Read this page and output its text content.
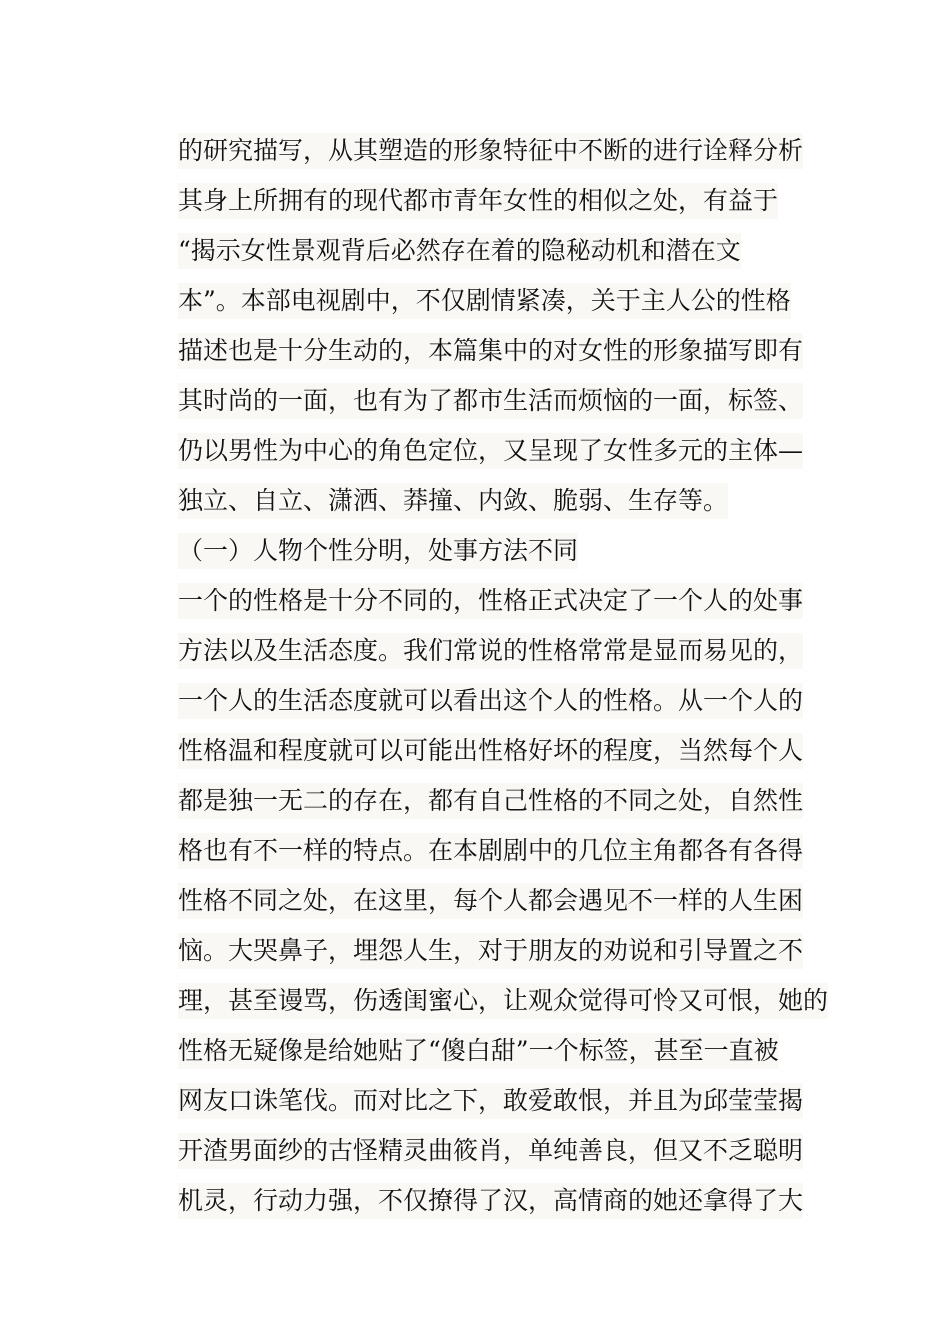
的研究描写，从其塑造的形象特征中不断的进行诠释分析
其身上所拥有的现代都市青年女性的相似之处，有益于
“揭示女性景观背后必然存在着的隐秘动机和潜在文
本”。本部电视剧中，不仅剧情紧凑，关于主人公的性格
描述也是十分生动的，本篇集中的对女性的形象描写即有
其时尚的一面，也有为了都市生活而烦恼的一面，标签、
仍以男性为中心的角色定位，又呈现了女性多元的主体—
独立、自立、潇洒、莽撞、内敛、脆弱、生存等。
（一）人物个性分明，处事方法不同
一个的性格是十分不同的，性格正式决定了一个人的处事
方法以及生活态度。我们常说的性格常常是显而易见的，
一个人的生活态度就可以看出这个人的性格。从一个人的
性格温和程度就可以可能出性格好坏的程度，当然每个人
都是独一无二的存在，都有自己性格的不同之处，自然性
格也有不一样的特点。在本剧剧中的几位主角都各有各得
性格不同之处，在这里，每个人都会遇见不一样的人生困
恼。大哭鼻子，埋怨人生，对于朋友的劝说和引导置之不
理，甚至谩骂，伤透闺蜜心，让观众觉得可怜又可恨，她的
性格无疑像是给她贴了“傻白甜”一个标签，甚至一直被
网友口诛笔伐。而对比之下，敢爱敢恨，并且为邱莹莹揭
开渣男面纱的古怪精灵曲筱肖，单纯善良，但又不乏聪明
机灵，行动力强，不仅撩得了汉，高情商的她还拿得了大
